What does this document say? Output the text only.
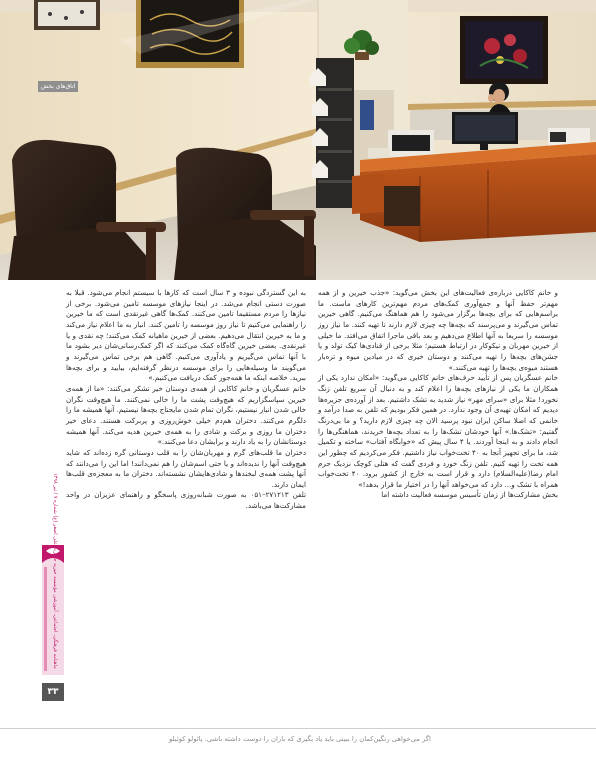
اتاق‌های بخش

و خانم کاکایی درباره‌ی فعالیت‌های این بخش می‌گوید: «جذب خیرین و از همه مهم‌تر حفظ آنها و جمع‌آوری کمک‌های مردم مهم‌ترین کارهای ماست. ما براسم‌هایی که برای بچه‌ها برگزار می‌شود را هم هماهنگ می‌کنیم. گاهی خیرین تماس می‌گیرند و می‌پرسند که بچه‌ها چه چیزی لازم دارند تا تهیه کنند. ما نیاز روز موسسه را سریعا به آنها اطلاع می‌دهیم و بعد باقی ماجرا اتفاق می‌افتد. ما خیلی از خیرین مهربان و نیکوکار در ارتباط هستیم؛ مثلا برخی از قنادی‌ها کیک تولد و یا جشن‌های بچه‌ها را تهیه می‌کنند و دوستان خیری که در میادین میوه و تره‌بار هستند میوه‌ی بچه‌ها را تهیه می‌کنند.»

خانم عسگریان پس از تأیید حرف‌های خانم کاکایی می‌گوید: «امکان ندارد یکی از همکاران ما یکی از نیازهای بچه‌ها را اعلام کند و به دنبال آن سریع تلفن زنگ نخورد! مثلا برای «سرای مهر» نیاز شدید به تشک داشتیم. بعد از آورده‌ی جزیره‌ها دیدیم که امکان تهیه‌ی آن وجود ندارد. در همین فکر بودیم که تلفن به صدا درآمد و خانمی که اصلا ساکن ایران نبود پرسید الان چه چیزی لازم دارید؟ و ما بی‌درنگ گفتیم: «تشک‌ها.» آنها خودشان تشک‌ها را به تعداد بچه‌ها خریدند، هماهنگی‌ها را انجام دادند و به اینجا آوردند. یا ۴ سال پیش که «خوابگاه آفتاب» ساخته و تکمیل شد، ما برای تجهیز آنجا به ۴۰ تخت‌خواب نیاز داشتیم. فکر می‌کردیم که چطور این همه تخت را تهیه کنیم. تلفن زنگ خورد و فردی گفت که هتلی کوچک نزدیک حرم امام رضا(علیه‌السلام) دارد و قرار است به خارج از کشور برود. ۴۰ تخت‌خواب همراه با تشک و... دارد که می‌خواهد آنها را در اختیار ما قرار بدهد!»

بخش مشارکت‌ها از زمان تأسیس موسسه فعالیت داشته اما

به این گستردگی نبوده و ۳ سال است که کارها با سیستم انجام می‌شود. قبلا به صورت دستی انجام می‌شد. در اینجا نیازهای موسسه تامین می‌شود. برخی از نیازها را مردم مستقیما تامین می‌کنند. کمک‌ها گاهی غیرنقدی است که ما خیرین را راهنمایی می‌کنیم تا نیاز روز موسسه را تامین کنند. انبار به ما اعلام نیاز می‌کند و ما به خیرین انتقال می‌دهیم. بعضی از خیرین ماهیانه کمک می‌کنند؛ چه نقدی و یا غیرنقدی. بعضی خیرین گاه‌گاه کمک می‌کنند که اگر کمک‌رسانی‌شان دیر بشود ما با آنها تماس می‌گیریم و یادآوری می‌کنیم. گاهی هم برخی تماس می‌گیرند و می‌گویند ما وسیله‌هایی را برای موسسه درنظر گرفته‌ایم، بیایید و برای بچه‌ها ببرید. خلاصه اینکه ما همه‌جور کمک دریافت می‌کنیم.»

خانم عسگریان و خانم کاکایی از همه‌ی دوستان خیر تشکر می‌کنند: «ما از همه‌ی خیرین سپاسگزاریم که هیچ‌وقت پشت ما را خالی نمی‌کنند. ما هیچ‌وقت نگران خالی شدن انبار نیستیم، نگران تمام شدن مایحتاج بچه‌ها نیستیم. آنها همیشه ما را دلگرم می‌کنند. دختران هم‌دم خیلی خوش‌روزی و پربرکت هستند. دعای خیر دختران ما روزی و برکت و شادی را به همه‌ی خیرین هدیه می‌کند. آنها همیشه دوستانشان را به یاد دارند و برایشان دعا می‌کنند.»

دختران ما قلب‌های گرم و مهربان‌شان را به قلب دوستانی گره زده‌اند که شاید هیچ‌وقت آنها را ندیده‌اند و یا حتی اسم‌شان را هم نمی‌دانند! اما این را می‌دانند که آنها پشت همه‌ی لبخندها و شادی‌هایشان نشسته‌اند. دختران ما به معجزه‌ی قلب‌ها ایمان دارند.

تلفن ۲۷۱۲۱۳–۰۵۱ به صورت شبانه‌روزی پاسخگو و راهنمای عزیزان در واحد مشارکت‌ها می‌باشد.

ماهنامه فرهنگی، اجتماعی، آموزشی مؤسسه خیریه حضرت علی اصغر (ع) شماره ۷ / تیر ۱۳۹۸
۳۳
اگر می‌خواهی رنگین‌کمان را ببینی باید یاد بگیری که باران را دوست داشته باشی. پائولو کوئیلو
